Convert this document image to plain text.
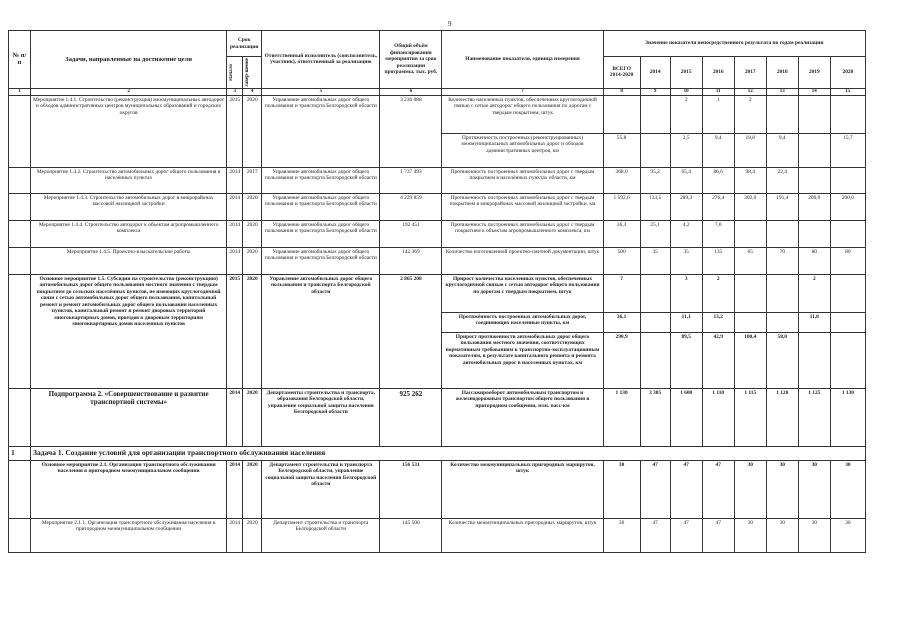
9
№ п/п	Задачи, направленные на достижение цели	Срок реализации		Ответственный исполнитель (соисполнитель, участник), ответственный за реализацию	Общий объём финансирования мероприятия за срок реализации программы, тыс. руб.	Наименование показателя, единица измерения	Значение показателя непосредственного результата по годам реализации							

		Начало	Завер-шение				ВСЕГО 2014-2020	2014	2015	2016	2017	2018	2019	2020
1	2	3	4	5	6	7	8	9	10	11	12	13	14	15
	Мероприятие 1.4.1. Строительство (реконструкция) межмуниципальных автодорог и обходов административных центров муниципальных образований и городских округов	2015	2020	Управление автомобильных дорог общего пользования и транспорта Белгородской области	3 236 088	Количество населенных пунктов, обеспеченных круглогодичной связью с сетью автодорог общего пользования по дорогам с твердым покрытием, штук			2	1	2			
						Протяженность построенных (реконструированных) межмуниципальных автомобильных дорог и обходов административных центров, км	55,8		2,5	9,4	18,8	9,4		15,7
	Мероприятие 1.4.2. Строительство автомобильных дорог общего пользования в населённых пунктах	2014	2017	Управление автомобильных дорог общего пользования и транспорта Белгородской области	1 737 493	Протяженность построенных автомобильных дорог с твердым покрытием в населённых пунктах области, км	368,0	95,2	65,4	86,6	98,4	22,4		
	Мероприятие 1.4.3. Строительство автомобильных дорог в микрорайонах массовой жилищной застройки	2014	2020	Управление автомобильных дорог общего пользования и транспорта Белгородской области	4 229 859	Протяженность построенных автомобильных дорог с твердым покрытием в микрорайонах массовой жилищной застройки, км	1 592,6	133,5	289,3	276,4	302,0	191,4	200,0	200,0
	Мероприятие 1.4.4. Строительство автодорог к объектам агропромышленного комплекса	2014	2020	Управление автомобильных дорог общего пользования и транспорта Белгородской области	192 451	Протяженность построенных автомобильных дорог с твердым покрытием к объектам агропромышленного комплекса, км	36,3	25,1	4,2	7,0				
	Мероприятие 1.4.5. Проектно-изыскательские работы	2014	2020	Управление автомобильных дорог общего пользования и транспорта Белгородской области	142 369	Количество изготовленной проектно-сметной документации, штук	500	35	35	135	65	70	80	80
	Основное мероприятие 1.5. Субсидии на строительство (реконструкцию) автомобильных дорог общего пользования местного значения с твердым покрытием до сельских населённых пунктов, не имеющих круглогодичной связи с сетью автомобильных дорог общего пользования, капитальный ремонт и ремонт автомобильных дорог общего пользования населенных пунктов, капитальный ремонт и ремонт дворовых территорий многоквартирных домов, проездов к дворовым территориям многоквартирных домов населенных пунктов	2015	2020	Управление автомобильных дорог общего пользования и транспорта Белгородской области	2 865 208	Прирост количества населенных пунктов, обеспеченных круглогодичной связью с сетью автодорог общего пользования по дорогам с твердым покрытием, штук	7		3	2			2	
						Протяжённость построенных автомобильных дорог, соединяющих населенные пункты, км	36,1		11,1	13,2			11,8	
						Прирост протяженности автомобильных дорог общего пользования местного значения, соответствующих нормативным требованиям к транспортно-эксплуатационным показателям, в результате капитального ремонта и ремонта автомобильных дорог в населенных пунктах, км	290,9		89,5	42,9	100,4	58,0		
	Подпрограмма 2. «Совершенствование и развитие транспортной системы»	2014	2020	Департаменты строительства и транспорта, образования Белгородской области, управление социальной защиты населения Белгородской области	925 262	Пассажирооборот автомобильным транспортом и железнодорожным транспортом общего пользования в пригородном сообщении, млн. пасс-км	1 130	3 385	1 600	1 110	1 115	1 120	1 125	1 130
1	Задача 1. Создание условий для организации транспортного обслуживания населения													
	Основное мероприятие 2.1. Организация транспортного обслуживания населения в пригородном межмуниципальном сообщении	2014	2020	Департамент строительства и транспорта Белгородской области, управление социальной защиты населения Белгородской области	156 531	Количество межмуниципальных пригородных маршрутов, штук	30	47	47	47	30	30	30	30
	Мероприятие 2.1.1. Организация транспортного обслуживания населения в пригородном межмуниципальном сообщении	2014	2020	Департамент строительства и транспорта Белгородской области	145 500	Количество межмуниципальных пригородных маршрутов, штук	30	47	47	47	30	30	30	30
